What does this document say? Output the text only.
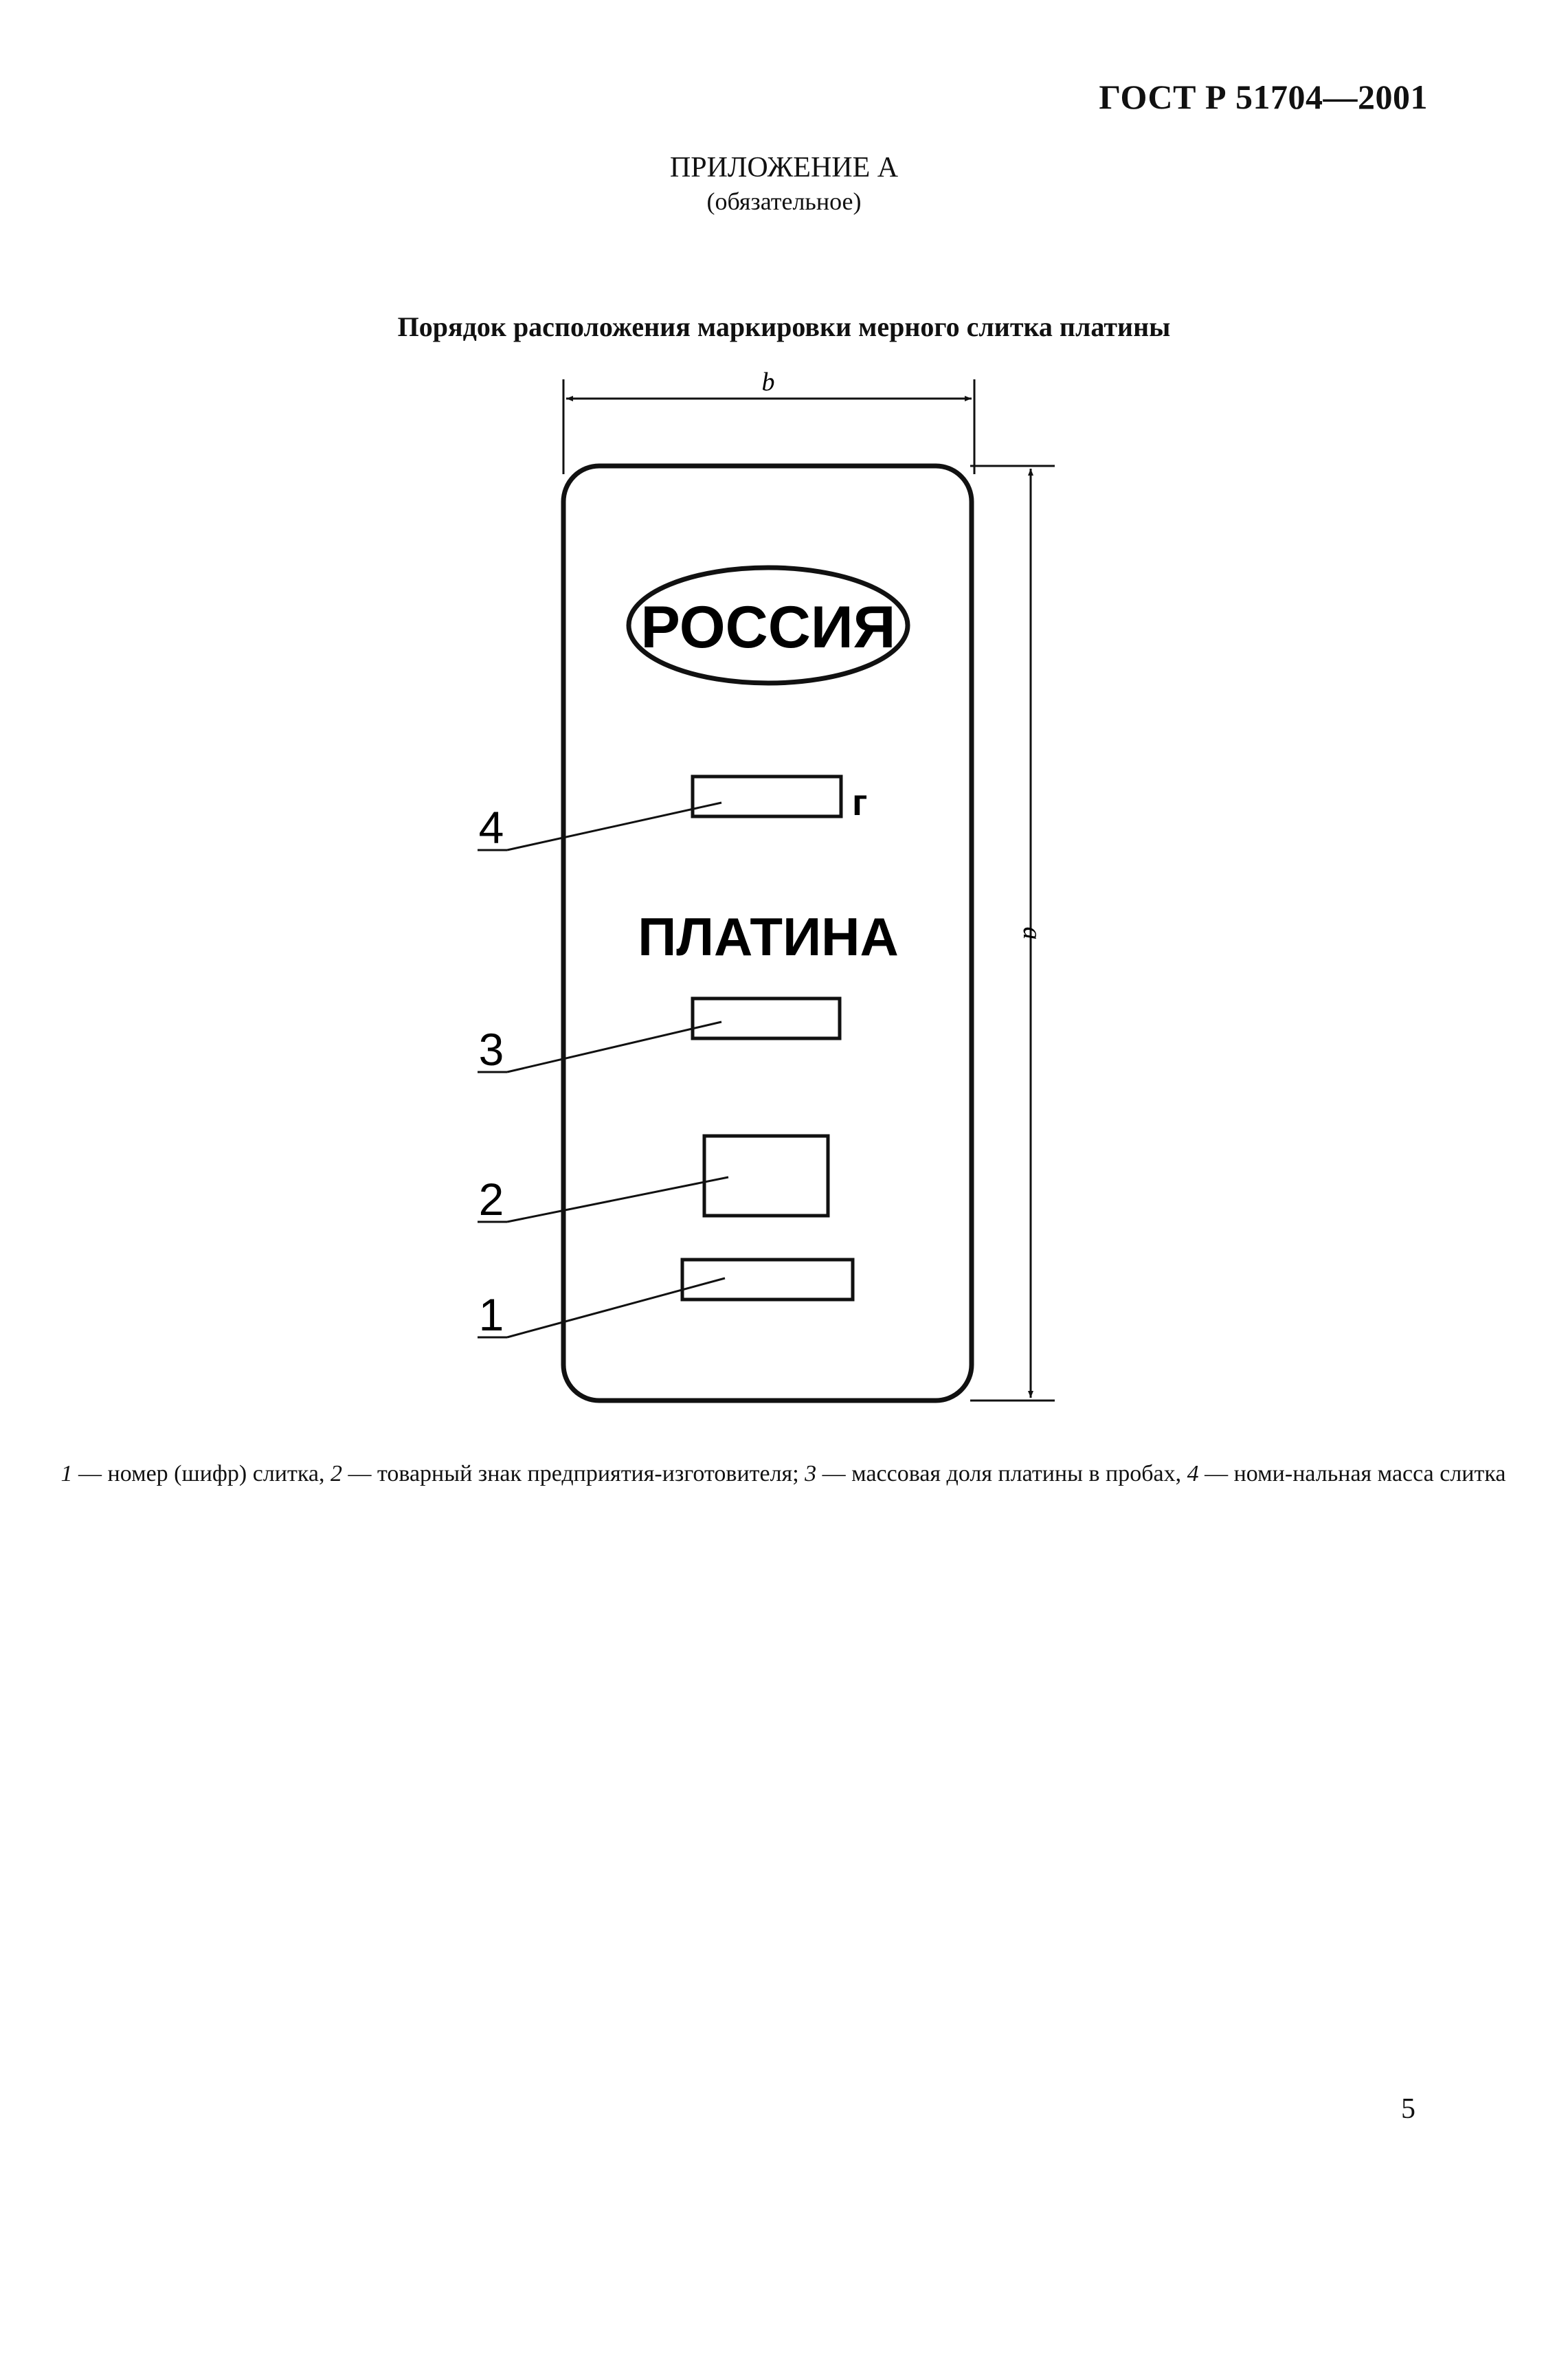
ГОСТ Р 51704—2001
ПРИЛОЖЕНИЕ А
(обязательное)
Порядок расположения маркировки мерного слитка платины
b
a
РОССИЯ
г
ПЛАТИНА
4
3
2
1
1 — номер (шифр) слитка, 2 — товарный знак предприятия-изготовителя; 3 — массовая доля платины в пробах, 4 — номи-нальная масса слитка
5
